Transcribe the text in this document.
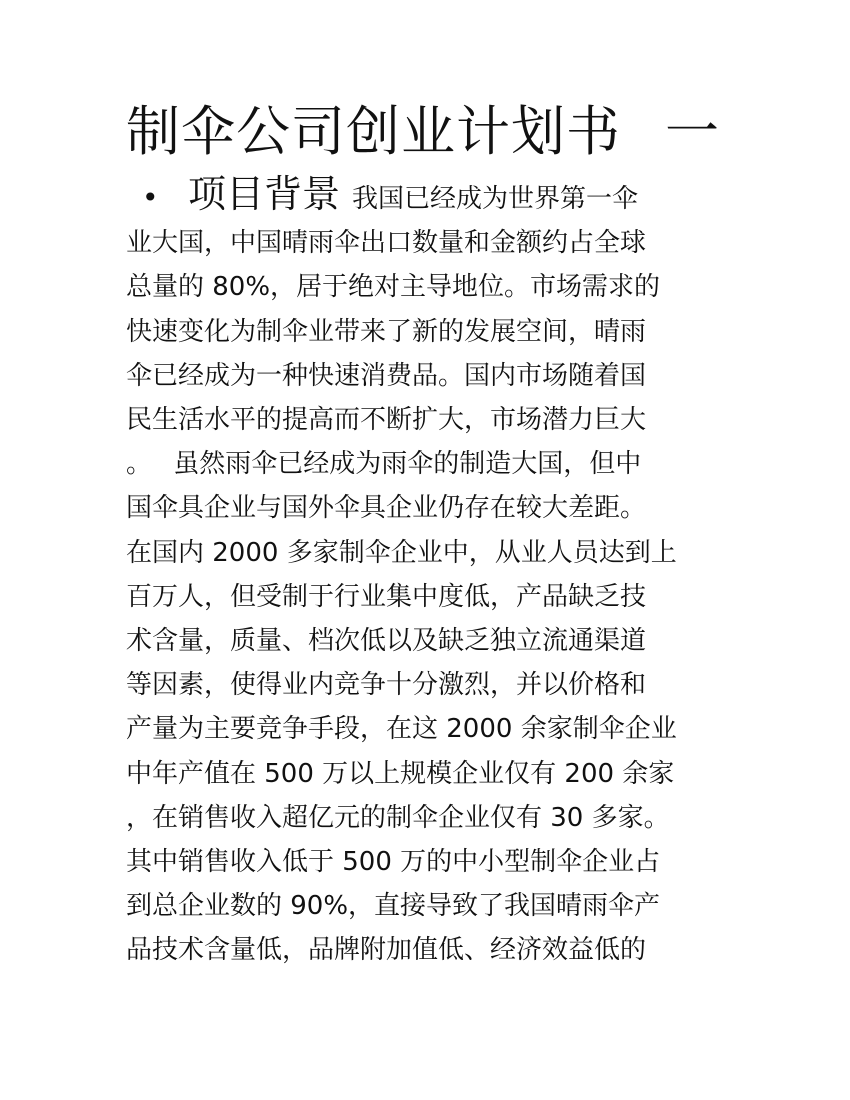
制伞公司创业计划书 一
• 项目背景 我国已经成为世界第一伞
业大国，中国晴雨伞出口数量和金额约占全球
总量的 80%，居于绝对主导地位。市场需求的
快速变化为制伞业带来了新的发展空间，晴雨
伞已经成为一种快速消费品。国内市场随着国
民生活水平的提高而不断扩大，市场潜力巨大
。　 虽然雨伞已经成为雨伞的制造大国，但中
国伞具企业与国外伞具企业仍存在较大差距。
在国内 2000 多家制伞企业中，从业人员达到上
百万人，但受制于行业集中度低，产品缺乏技
术含量，质量、档次低以及缺乏独立流通渠道
等因素，使得业内竞争十分激烈，并以价格和
产量为主要竞争手段，在这 2000 余家制伞企业
中年产值在 500 万以上规模企业仅有 200 余家
，在销售收入超亿元的制伞企业仅有 30 多家。
其中销售收入低于 500 万的中小型制伞企业占
到总企业数的 90%，直接导致了我国晴雨伞产
品技术含量低，品牌附加值低、经济效益低的
